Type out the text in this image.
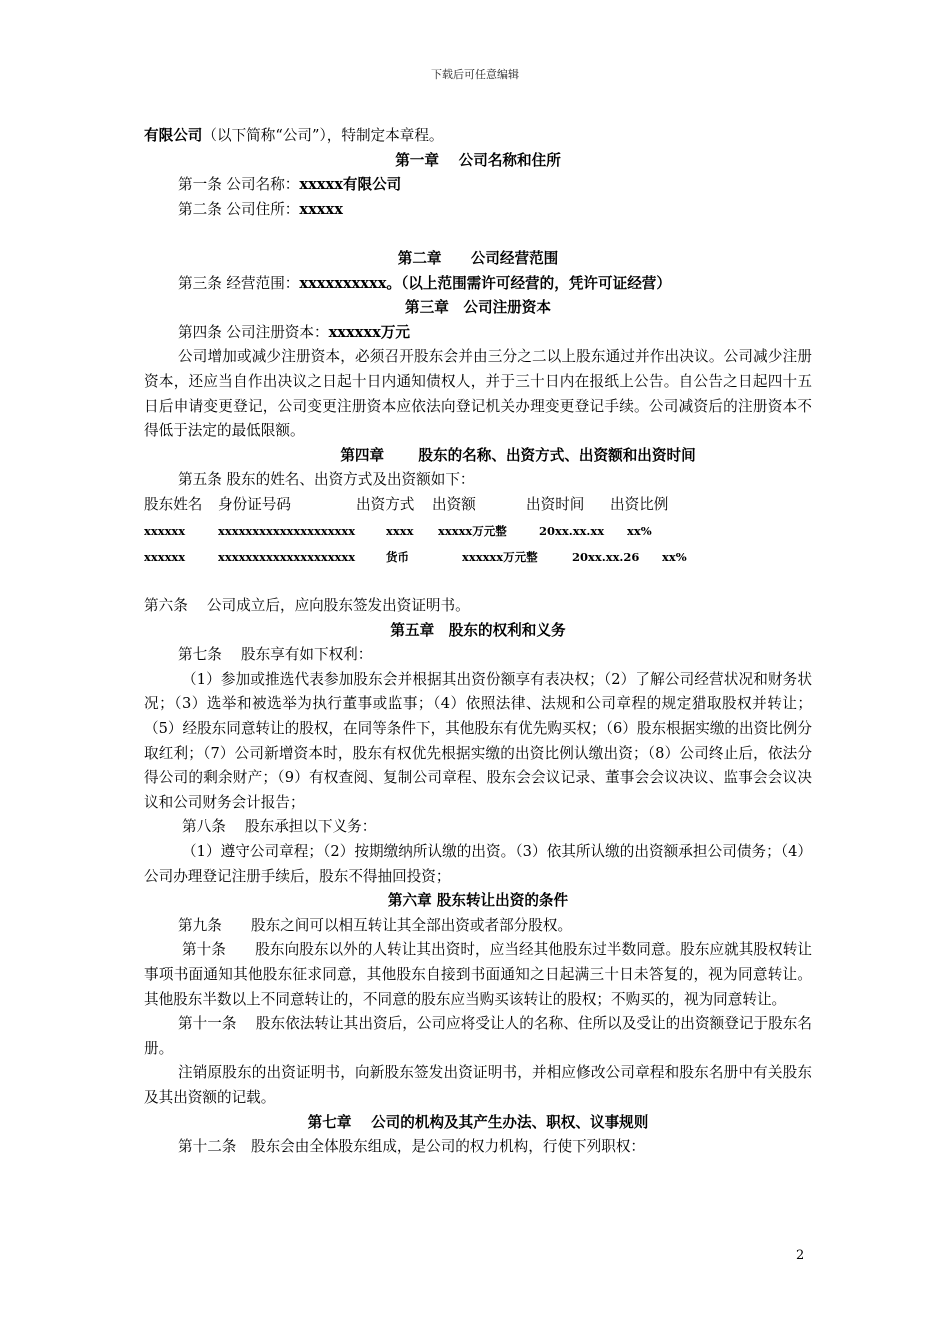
下载后可任意编辑

有限公司（以下简称“公司”），特制定本章程。

第一章　 公司名称和住所

第一条 公司名称：xxxxx有限公司

第二条 公司住所：xxxxx

第二章　　公司经营范围

第三条 经营范围：xxxxxxxxxx。（以上范围需许可经营的，凭许可证经营）

第三章　公司注册资本

第四条 公司注册资本：xxxxxx万元

公司增加或减少注册资本，必须召开股东会并由三分之二以上股东通过并作出决议。公司减少注册资本，还应当自作出决议之日起十日内通知债权人，并于三十日内在报纸上公告。自公告之日起四十五日后申请变更登记，公司变更注册资本应依法向登记机关办理变更登记手续。公司减资后的注册资本不得低于法定的最低限额。

第四章　　 股东的名称、出资方式、出资额和出资时间

第五条 股东的姓名、出资方式及出资额如下：

股东姓名	身份证号码	出资方式	出资额	出资时间	出资比例
xxxxxx	xxxxxxxxxxxxxxxxxxxx	xxxx	xxxxx万元整	20xx.xx.xx	xx%
xxxxxx	xxxxxxxxxxxxxxxxxxxx	货币	xxxxxx万元整	20xx.xx.26	xx%

第六条　 公司成立后，应向股东签发出资证明书。

第五章　股东的权利和义务

第七条　 股东享有如下权利：

（1）参加或推选代表参加股东会并根据其出资份额享有表决权；（2）了解公司经营状况和财务状况；（3）选举和被选举为执行董事或监事；（4）依照法律、法规和公司章程的规定猎取股权并转让；（5）经股东同意转让的股权，在同等条件下，其他股东有优先购买权；（6）股东根据实缴的出资比例分取红利；（7）公司新增资本时，股东有权优先根据实缴的出资比例认缴出资；（8）公司终止后，依法分得公司的剩余财产；（9）有权查阅、复制公司章程、股东会会议记录、董事会会议决议、监事会会议决议和公司财务会计报告；

第八条　 股东承担以下义务：

（1）遵守公司章程；（2）按期缴纳所认缴的出资。（3）依其所认缴的出资额承担公司债务；（4）公司办理登记注册手续后，股东不得抽回投资；

第六章 股东转让出资的条件

第九条　　股东之间可以相互转让其全部出资或者部分股权。

第十条　　股东向股东以外的人转让其出资时，应当经其他股东过半数同意。股东应就其股权转让事项书面通知其他股东征求同意，其他股东自接到书面通知之日起满三十日未答复的，视为同意转让。其他股东半数以上不同意转让的，不同意的股东应当购买该转让的股权；不购买的，视为同意转让。

第十一条　 股东依法转让其出资后，公司应将受让人的名称、住所以及受让的出资额登记于股东名册。

注销原股东的出资证明书，向新股东签发出资证明书，并相应修改公司章程和股东名册中有关股东及其出资额的记载。

第七章　 公司的机构及其产生办法、职权、议事规则

第十二条　股东会由全体股东组成，是公司的权力机构，行使下列职权：

2
